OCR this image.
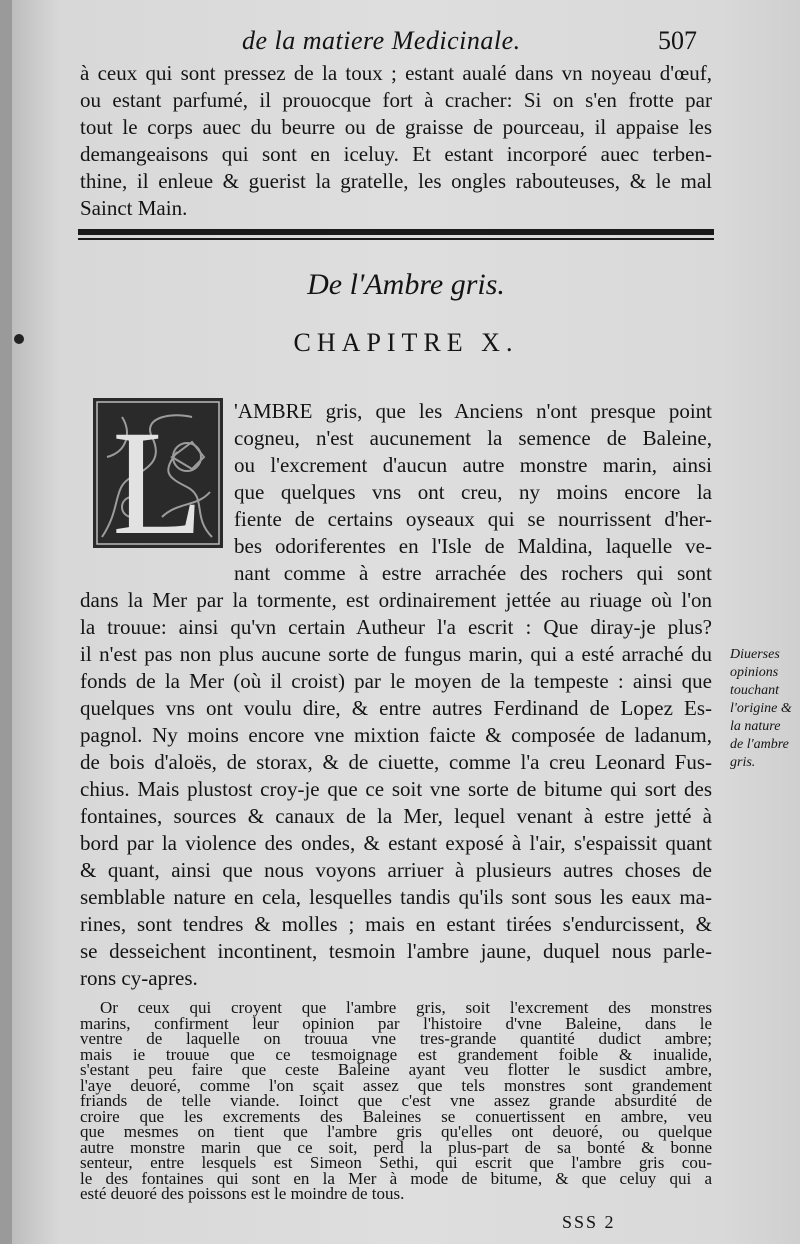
de la matiere Medicinale.	507
à ceux qui sont pressez de la toux ; estant aualé dans vn noyeau d'œuf,
ou estant parfumé, il prouocque fort à cracher: Si on s'en frotte par
tout le corps auec du beurre ou de graisse de pourceau, il appaise les
demangeaisons qui sont en iceluy. Et estant incorporé auec terben-
thine, il enleue & guerist la gratelle, les ongles rabouteuses, & le mal
Sainct Main.
De l'Ambre gris.
CHAPITRE X.
L 'AMBRE gris, que les Anciens n'ont presque point
cogneu, n'est aucunement la semence de Baleine,
ou l'excrement d'aucun autre monstre marin, ainsi
que quelques vns ont creu, ny moins encore la
fiente de certains oyseaux qui se nourrissent d'her-
bes odoriferentes en l'Isle de Maldina, laquelle ve-
nant comme à estre arrachée des rochers qui sont
dans la Mer par la tormente, est ordinairement jettée au riuage où l'on
la trouue: ainsi qu'vn certain Autheur l'a escrit : Que diray-je plus?
il n'est pas non plus aucune sorte de fungus marin, qui a esté arraché du
fonds de la Mer (où il croist) par le moyen de la tempeste : ainsi que
quelques vns ont voulu dire, & entre autres Ferdinand de Lopez Es-
pagnol. Ny moins encore vne mixtion faicte & composée de ladanum,
de bois d'aloës, de storax, & de ciuette, comme l'a creu Leonard Fus-
chius. Mais plustost croy-je que ce soit vne sorte de bitume qui sort des
fontaines, sources & canaux de la Mer, lequel venant à estre jetté à
bord par la violence des ondes, & estant exposé à l'air, s'espaissit quant
& quant, ainsi que nous voyons arriuer à plusieurs autres choses de
semblable nature en cela, lesquelles tandis qu'ils sont sous les eaux ma-
rines, sont tendres & molles ; mais en estant tirées s'endurcissent, &
se desseichent incontinent, tesmoin l'ambre jaune, duquel nous parle-
rons cy-apres.
Or ceux qui croyent que l'ambre gris, soit l'excrement des monstres
marins, confirment leur opinion par l'histoire d'vne Baleine, dans le
ventre de laquelle on trouua vne tres-grande quantité dudict ambre;
mais ie trouue que ce tesmoignage est grandement foible & inualide,
s'estant peu faire que ceste Baleine ayant veu flotter le susdict ambre,
l'aye deuoré, comme l'on sçait assez que tels monstres sont grandement
friands de telle viande. Ioinct que c'est vne assez grande absurdité de
croire que les excrements des Baleines se conuertissent en ambre, veu
que mesmes on tient que l'ambre gris qu'elles ont deuoré, ou quelque
autre monstre marin que ce soit, perd la plus-part de sa bonté & bonne
senteur, entre lesquels est Simeon Sethi, qui escrit que l'ambre gris cou-
le des fontaines qui sont en la Mer à mode de bitume, & que celuy qui a
esté deuoré des poissons est le moindre de tous.
Diuerses
opinions
touchant
l'origine &
la nature
de l'ambre
gris.
SSS 2
